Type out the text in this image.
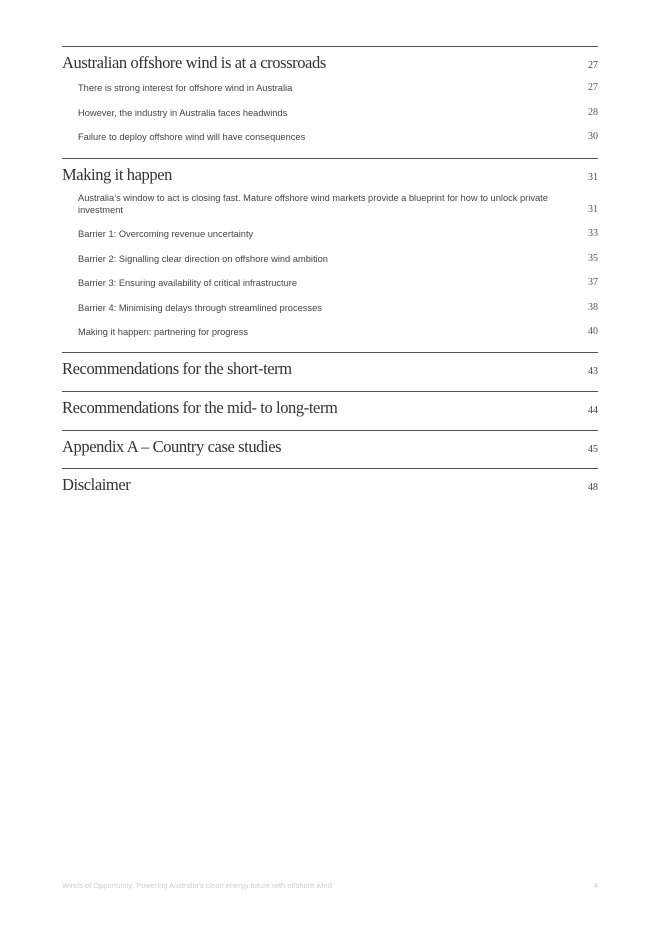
Australian offshore wind is at a crossroads	27
There is strong interest for offshore wind in Australia	27
However, the industry in Australia faces headwinds	28
Failure to deploy offshore wind will have consequences	30
Making it happen	31
Australia’s window to act is closing fast. Mature offshore wind markets provide a blueprint for how to unlock private investment	31
Barrier 1: Overcoming revenue uncertainty	33
Barrier 2: Signalling clear direction on offshore wind ambition	35
Barrier 3: Ensuring availability of critical infrastructure	37
Barrier 4: Minimising delays through streamlined processes	38
Making it happen: partnering for progress	40
Recommendations for the short-term	43
Recommendations for the mid- to long-term	44
Appendix A – Country case studies	45
Disclaimer	48
Winds of Opportunity: Powering Australia’s clean energy future with offshore wind	4
